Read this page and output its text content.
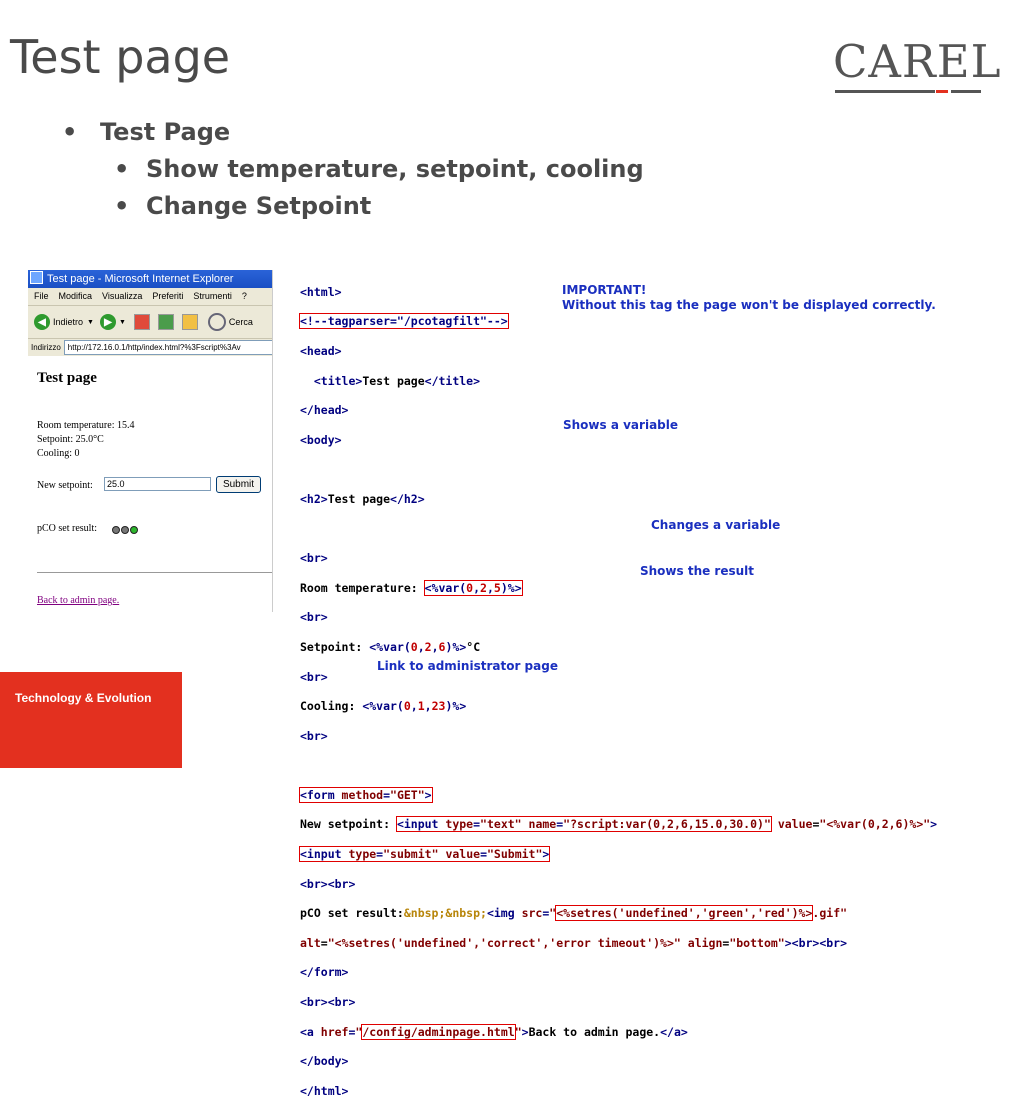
Test page	CAREL
• Test Page
• Show temperature, setpoint, cooling
• Change Setpoint
Test page - Microsoft Internet Explorer
File Modifica Visualizza Preferiti Strumenti ?
◀ Indietro ▼	▶	▼	Cerca
Indirizzo http://172.16.0.1/http/index.html?%3Fscript%3Av
Test page
Room temperature: 15.4
Setpoint: 25.0°C
Cooling: 0
New setpoint:
25.0	Submit
pCO set result:
Back to admin page.

<html>

<!--tagparser="/pcotagfilt"-->

<head>

<title>Test page</title>

</head>

<body>

<h2>Test page</h2>

<br>

Room temperature: <%var(0,2,5)%>

<br>

Setpoint: <%var(0,2,6)%>°C

<br>

Cooling: <%var(0,1,23)%>

<br>

<form method="GET">

New setpoint: <input type="text" name="?script:var(0,2,6,15.0,30.0)" value="<%var(0,2,6)%>">

<input type="submit" value="Submit">

<br><br>

pCO set result:&nbsp;&nbsp;<img src="<%setres('undefined','green','red')%>.gif"

alt="<%setres('undefined','correct','error timeout')%>" align="bottom"><br><br>

</form>

<br><br>

<a href="/config/adminpage.html">Back to admin page.</a>

</body>

</html>

IMPORTANT!
Without this tag the page won't be displayed correctly.
Shows a variable
Changes a variable
Shows the result
Link to administrator page
Technology & Evolution
